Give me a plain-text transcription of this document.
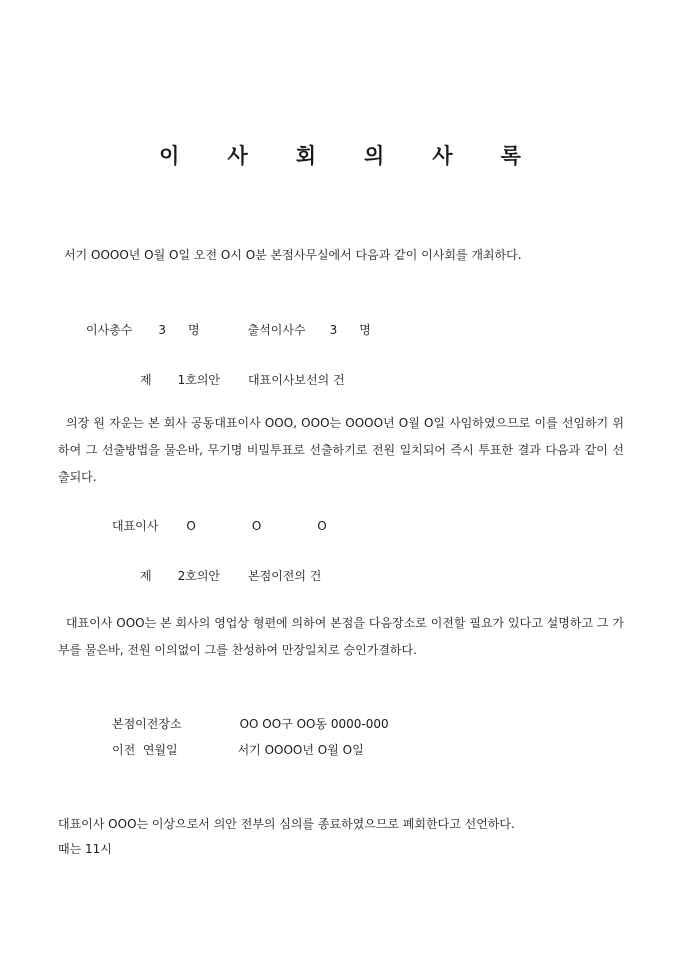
이 사 회 의 사 록
서기 OOOO년 O월 O일 오전 O시 O분 본점사무실에서 다음과 같이 이사회를 개최하다.
이사총수 3 명	출석이사수 3 명
제 1호의안 대표이사보선의 건
의장 원 자운는 본 회사 공동대표이사 OOO, OOO는 OOOO년 O월 O일 사임하였으므로 이를 선임하기 위하여 그 선출방법을 물은바, 무기명 비밀투표로 선출하기로 전원 일치되어 즉시 투표한 결과 다음과 같이 선출되다.
대표이사 O	O	O
제 2호의안 본점이전의 건
대표이사 OOO는 본 회사의 영업상 형편에 의하여 본점을 다음장소로 이전할 필요가 있다고 설명하고 그 가부를 물은바, 전원 이의없이 그를 찬성하여 만장일치로 승인가결하다.
본점이전장소	OO OO구 OO동 0000-000
이전  연월일	서기 OOOO년 O월 O일
대표이사 OOO는 이상으로서 의안 전부의 심의를 종료하였으므로 폐회한다고 선언하다.
때는 11시
